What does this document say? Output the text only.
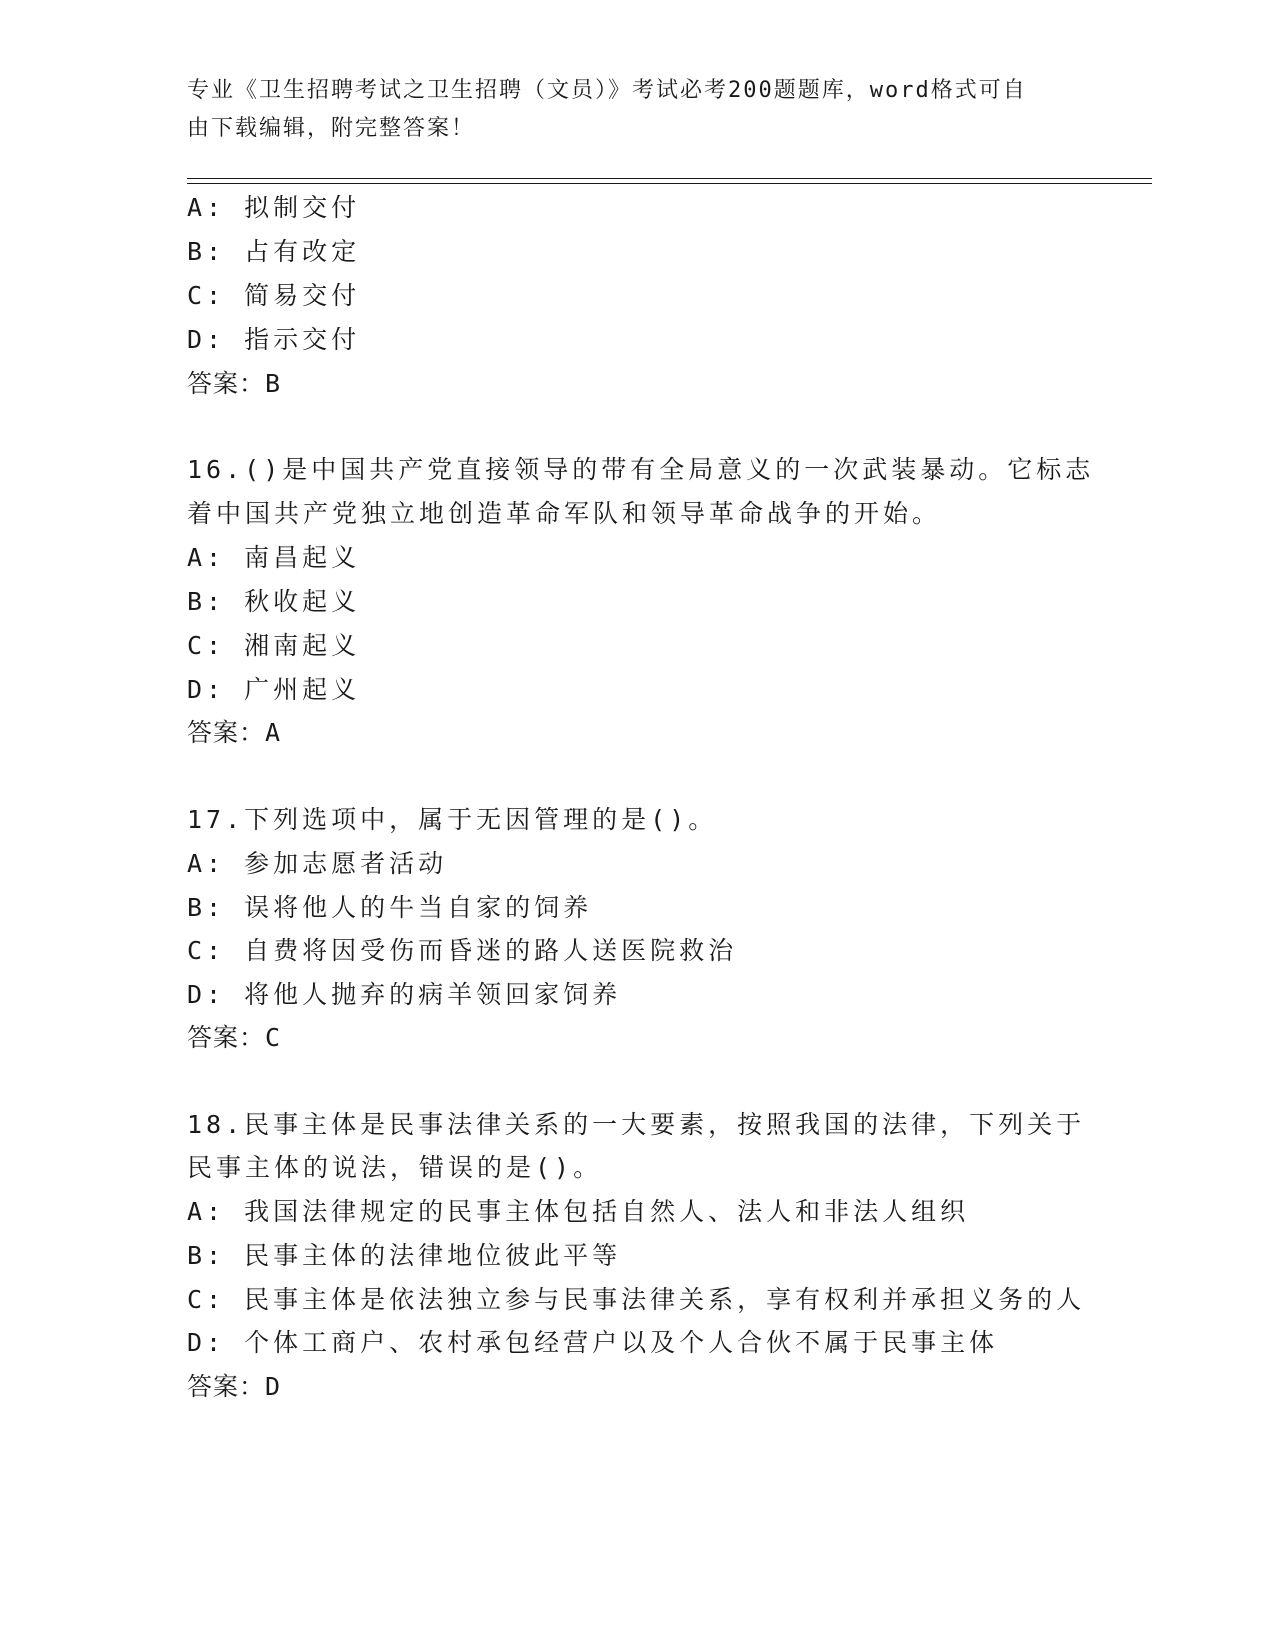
专业《卫生招聘考试之卫生招聘（文员）》考试必考200题题库，word格式可自
由下载编辑，附完整答案！
A: 拟制交付
B: 占有改定
C: 简易交付
D: 指示交付
答案：B
16.()是中国共产党直接领导的带有全局意义的一次武装暴动。它标志
着中国共产党独立地创造革命军队和领导革命战争的开始。
A: 南昌起义
B: 秋收起义
C: 湘南起义
D: 广州起义
答案：A
17.下列选项中，属于无因管理的是()。
A: 参加志愿者活动
B: 误将他人的牛当自家的饲养
C: 自费将因受伤而昏迷的路人送医院救治
D: 将他人抛弃的病羊领回家饲养
答案：C
18.民事主体是民事法律关系的一大要素，按照我国的法律，下列关于
民事主体的说法，错误的是()。
A: 我国法律规定的民事主体包括自然人、法人和非法人组织
B: 民事主体的法律地位彼此平等
C: 民事主体是依法独立参与民事法律关系，享有权利并承担义务的人
D: 个体工商户、农村承包经营户以及个人合伙不属于民事主体
答案：D
